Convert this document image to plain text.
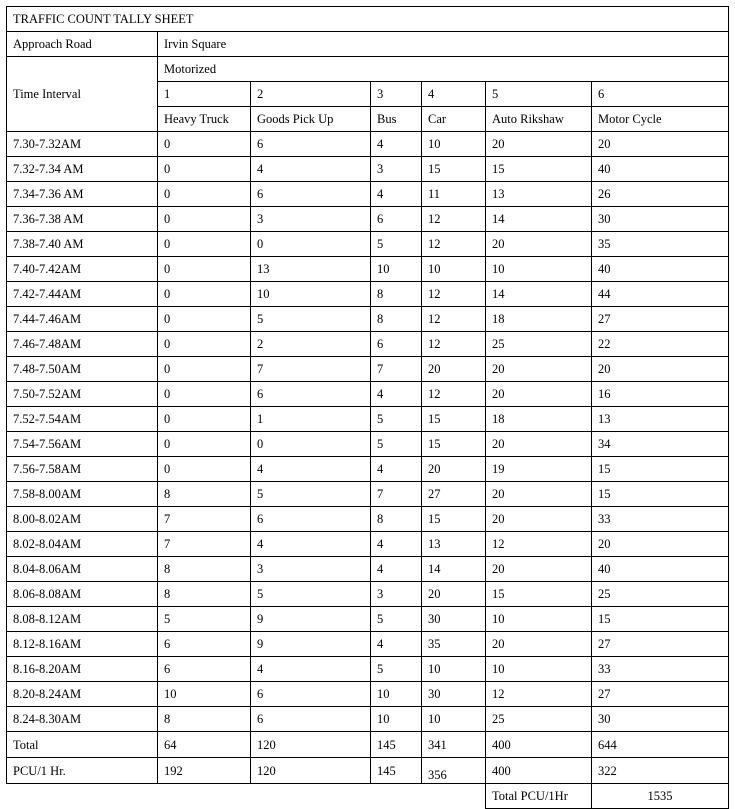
TRAFFIC COUNT TALLY SHEET						
Approach Road	Irvin Square					
Time Interval	Motorized					
	1	2	3	4	5	6
	Heavy Truck	Goods Pick Up	Bus	Car	Auto Rikshaw	Motor Cycle
7.30-7.32AM	0	6	4	10	20	20
7.32-7.34 AM	0	4	3	15	15	40
7.34-7.36 AM	0	6	4	11	13	26
7.36-7.38 AM	0	3	6	12	14	30
7.38-7.40 AM	0	0	5	12	20	35
7.40-7.42AM	0	13	10	10	10	40
7.42-7.44AM	0	10	8	12	14	44
7.44-7.46AM	0	5	8	12	18	27
7.46-7.48AM	0	2	6	12	25	22
7.48-7.50AM	0	7	7	20	20	20
7.50-7.52AM	0	6	4	12	20	16
7.52-7.54AM	0	1	5	15	18	13
7.54-7.56AM	0	0	5	15	20	34
7.56-7.58AM	0	4	4	20	19	15
7.58-8.00AM	8	5	7	27	20	15
8.00-8.02AM	7	6	8	15	20	33
8.02-8.04AM	7	4	4	13	12	20
8.04-8.06AM	8	3	4	14	20	40
8.06-8.08AM	8	5	3	20	15	25
8.08-8.12AM	5	9	5	30	10	15
8.12-8.16AM	6	9	4	35	20	27
8.16-8.20AM	6	4	5	10	10	33
8.20-8.24AM	10	6	10	30	12	27
8.24-8.30AM	8	6	10	10	25	30
Total	64	120	145	341	400	644
PCU/1 Hr.	192	120	145	356	400	322
					Total PCU/1Hr	1535
